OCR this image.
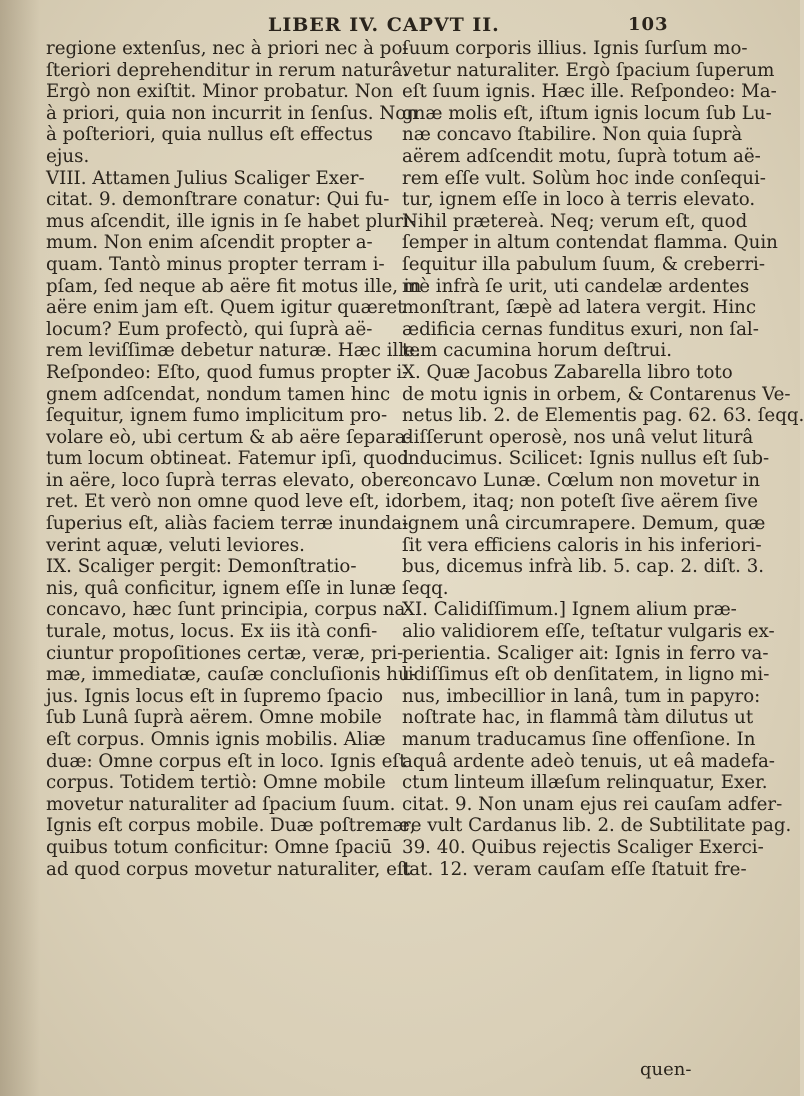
LIBER IV. CAPVT II.	103
regione extenſus, nec à priori nec à po-
ſteriori deprehenditur in rerum naturâ.
Ergò non exiſtit. Minor probatur. Non
à priori, quia non incurrit in ſenſus. Non
à poſteriori, quia nullus eſt effectus
ejus.
VIII. Attamen Julius Scaliger Exer-
citat. 9. demonſtrare conatur: Qui fu-
mus aſcendit, ille ignis in ſe habet pluri-
mum. Non enim aſcendit propter a-
quam. Tantò minus propter terram i-
pſam, ſed neque ab aëre fit motus ille, in
aëre enim jam eſt. Quem igitur quæret
locum? Eum profectò, qui ſuprà aë-
rem leviſſimæ debetur naturæ. Hæc ille.
Reſpondeo: Eſto, quod fumus propter i-
gnem adſcendat, nondum tamen hinc
ſequitur, ignem fumo implicitum pro-
volare eò, ubi certum & ab aëre ſepara-
tum locum obtineat. Fatemur ipſi, quod
in aëre, loco ſuprà terras elevato, ober-
ret. Et verò non omne quod leve eſt, id
ſuperius eſt, aliàs faciem terræ inunda-
verint aquæ, veluti leviores.
IX. Scaliger pergit: Demonſtratio-
nis, quâ conficitur, ignem eſſe in lunæ
concavo, hæc ſunt principia, corpus na-
turale, motus, locus. Ex iis ità confi-
ciuntur propoſitiones certæ, veræ, pri-
mæ, immediatæ, cauſæ concluſionis hu-
jus. Ignis locus eſt in ſupremo ſpacio
ſub Lunâ ſuprà aërem. Omne mobile
eſt corpus. Omnis ignis mobilis. Aliæ
duæ: Omne corpus eſt in loco. Ignis eſt
corpus. Totidem tertiò: Omne mobile
movetur naturaliter ad ſpacium ſuum.
Ignis eſt corpus mobile. Duæ poſtremæ,
quibus totum conficitur: Omne ſpaciū
ad quod corpus movetur naturaliter, eſt
ſuum corporis illius. Ignis ſurſum mo-
vetur naturaliter. Ergò ſpacium ſuperum
eſt ſuum ignis. Hæc ille. Reſpondeo: Ma-
gnæ molis eſt, iſtum ignis locum ſub Lu-
næ concavo ſtabilire. Non quia ſuprà
aërem adſcendit motu, ſuprà totum aë-
rem eſſe vult. Solùm hoc inde conſequi-
tur, ignem eſſe in loco à terris elevato.
Nihil prætereà. Neq; verum eſt, quod
ſemper in altum contendat flamma. Quin
ſequitur illa pabulum ſuum, & creberri-
mè infrà ſe urit, uti candelæ ardentes
monſtrant, ſæpè ad latera vergit. Hinc
ædificia cernas funditus exuri, non ſal-
tem cacumina horum deſtrui.
X. Quæ Jacobus Zabarella libro toto
de motu ignis in orbem, & Contarenus Ve-
netus lib. 2. de Elementis pag. 62. 63. ſeqq.
diſſerunt operosè, nos unâ velut liturâ
inducimus. Scilicet: Ignis nullus eſt ſub-
concavo Lunæ. Cœlum non movetur in
orbem, itaq; non poteſt ſive aërem ſive
ignem unâ circumrapere. Demum, quæ
ſit vera efficiens caloris in his inferiori-
bus, dicemus infrà lib. 5. cap. 2. diſt. 3.
ſeqq.
XI. Calidiſſimum.] Ignem alium præ-
alio validiorem eſſe, teſtatur vulgaris ex-
perientia. Scaliger ait: Ignis in ferro va-
lidiſſimus eſt ob denſitatem, in ligno mi-
nus, imbecillior in lanâ, tum in papyro:
noſtrate hac, in flammâ tàm dilutus ut
manum traducamus ſine offenſione. In
aquâ ardente adeò tenuis, ut eâ madefa-
ctum linteum illæſum relinquatur, Exer.
citat. 9. Non unam ejus rei cauſam adfer-
re vult Cardanus lib. 2. de Subtilitate pag.
39. 40. Quibus rejectis Scaliger Exerci-
tat. 12. veram cauſam eſſe ſtatuit fre-
quen-
